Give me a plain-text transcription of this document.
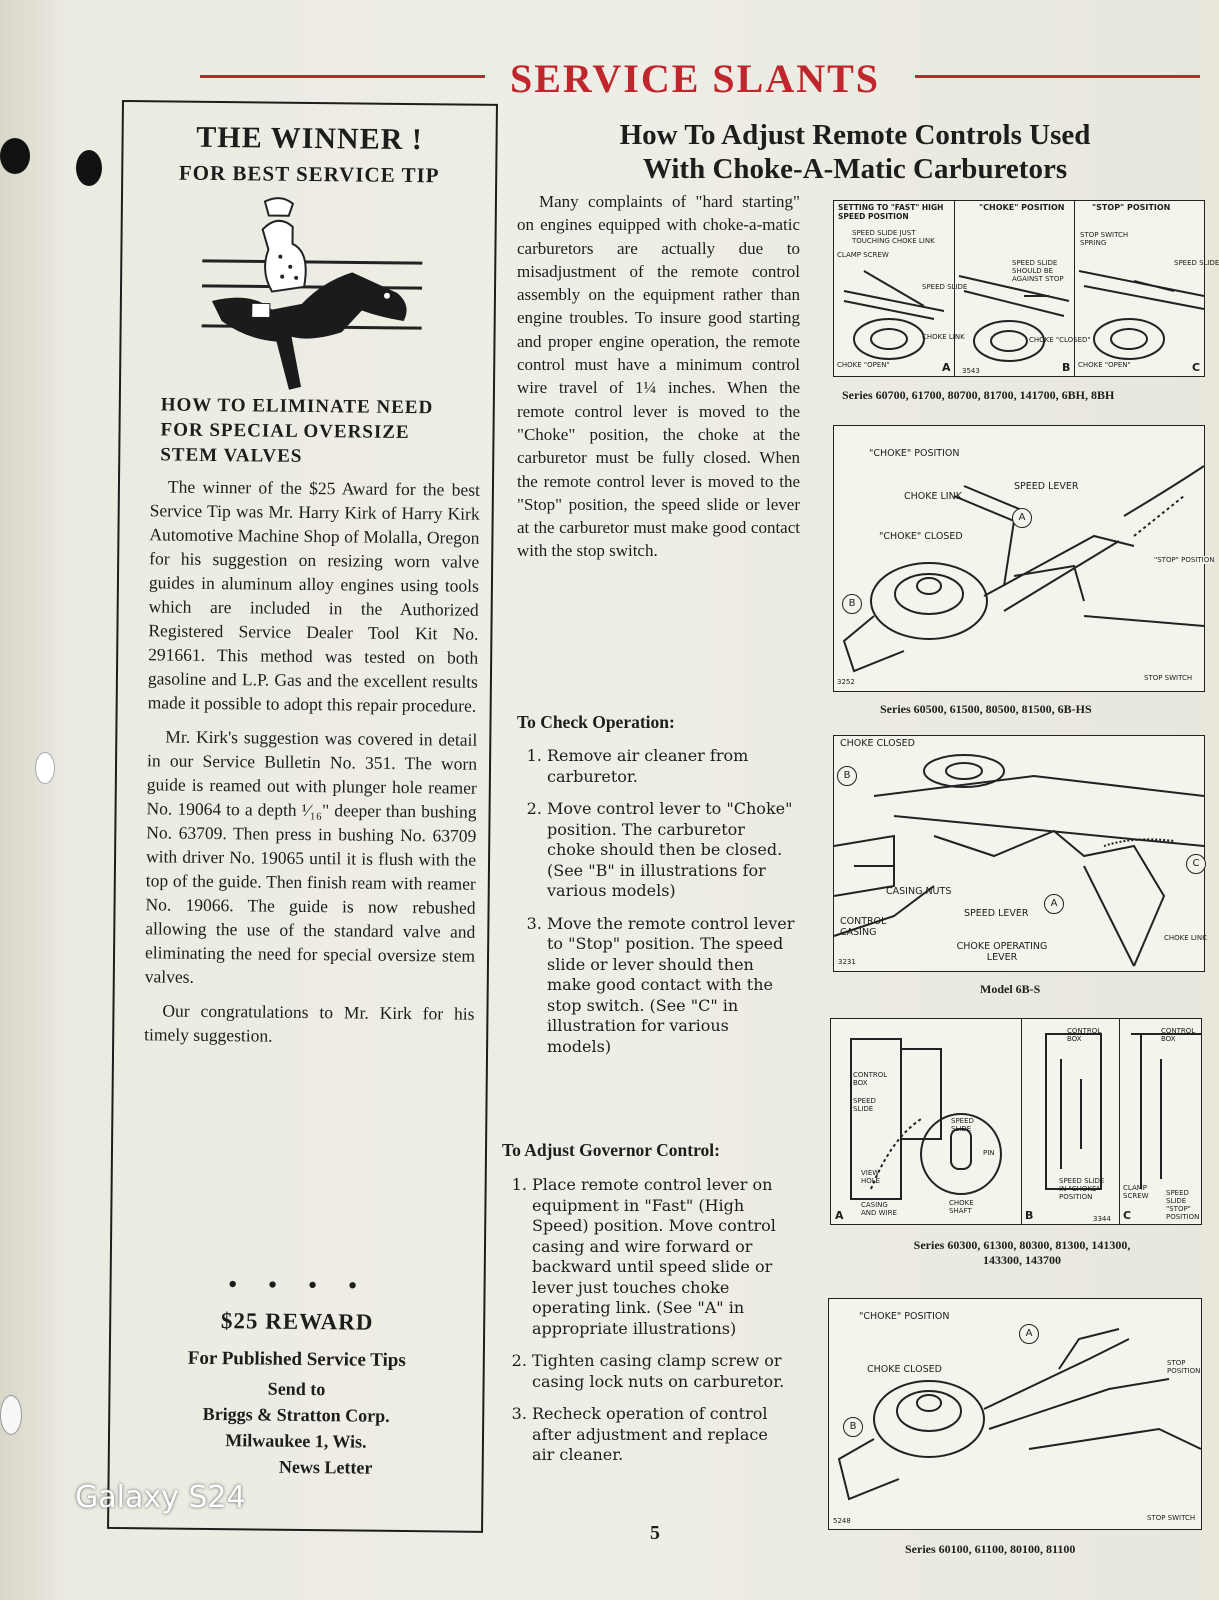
SERVICE SLANTS
THE WINNER !
FOR BEST SERVICE TIP
HOW TO ELIMINATE NEED FOR SPECIAL OVERSIZE STEM VALVES

The winner of the $25 Award for the best Service Tip was Mr. Harry Kirk of Harry Kirk Automotive Machine Shop of Molalla, Oregon for his suggestion on resizing worn valve guides in aluminum alloy engines using tools which are included in the Authorized Registered Service Dealer Tool Kit No. 291661. This method was tested on both gasoline and L.P. Gas and the excellent results made it possible to adopt this repair procedure.

Mr. Kirk's suggestion was covered in detail in our Service Bulletin No. 351. The worn guide is reamed out with plunger hole reamer No. 19064 to a depth ¹⁄₁₆" deeper than bushing No. 63709. Then press in bushing No. 63709 with driver No. 19065 until it is flush with the top of the guide. Then finish ream with reamer No. 19066. The guide is now rebushed allowing the use of the standard valve and eliminating the need for special oversize stem valves.

Our congratulations to Mr. Kirk for his timely suggestion.

• • • •
$25 REWARD
For Published Service Tips
Send to
Briggs & Stratton Corp.
Milwaukee 1, Wis.
News Letter
How To Adjust Remote Controls Used
With Choke-A-Matic Carburetors
Many complaints of "hard starting" on engines equipped with choke-a-matic carburetors are actually due to misadjustment of the remote control assembly on the equipment rather than engine troubles. To insure good starting and proper engine operation, the remote control must have a minimum control wire travel of 1¼ inches. When the remote control lever is moved to the "Choke" position, the choke at the carburetor must be fully closed. When the remote control lever is moved to the "Stop" position, the speed slide or lever at the carburetor must make good contact with the stop switch.
To Check Operation:
1. Remove air cleaner from carburetor.
2. Move control lever to "Choke" position. The carburetor choke should then be closed. (See "B" in illustrations for various models)
3. Move the remote control lever to "Stop" position. The speed slide or lever should then make good contact with the stop switch. (See "C" in illustration for various models)
To Adjust Governor Control:
1. Place remote control lever on equipment in "Fast" (High Speed) position. Move control casing and wire forward or backward until speed slide or lever just touches choke operating link. (See "A" in appropriate illustrations)
2. Tighten casing clamp screw or casing lock nuts on carburetor.
3. Recheck operation of control after adjustment and replace air cleaner.
SETTING TO "FAST" HIGH SPEED POSITION
"CHOKE" POSITION	"STOP" POSITION
SPEED SLIDE JUST TOUCHING CHOKE LINK
CLAMP SCREW
SPEED SLIDE
CHOKE LINK
CHOKE "OPEN"
SPEED SLIDE SHOULD BE AGAINST STOP
CHOKE "CLOSED"
STOP SWITCH SPRING
SPEED SLIDE
CHOKE "OPEN"
3543
A	B	C
Series 60700, 61700, 80700, 81700, 141700, 6BH, 8BH
"CHOKE" POSITION
CHOKE LINK
SPEED LEVER
"CHOKE" CLOSED
"STOP" POSITION
STOP SWITCH
3252
A
B
Series 60500, 61500, 80500, 81500, 6B-HS
CHOKE CLOSED
CASING NUTS
SPEED LEVER
CONTROL CASING
CHOKE OPERATING LEVER
CHOKE LINK
3231
B
A
C
Model 6B-S
CONTROL BOX
SPEED SLIDE
VIEW HOLE
CASING AND WIRE
SPEED SLIDE
PIN
CHOKE SHAFT
CONTROL BOX
SPEED SLIDE IN "CHOKE" POSITION
CLAMP SCREW
CONTROL BOX
SPEED SLIDE "STOP" POSITION
3344
A	B	C
Series 60300, 61300, 80300, 81300, 141300,
143300, 143700
"CHOKE" POSITION
CHOKE CLOSED
STOP POSITION
STOP SWITCH
5248
A
B
Series 60100, 61100, 80100, 81100
5
Galaxy S24
